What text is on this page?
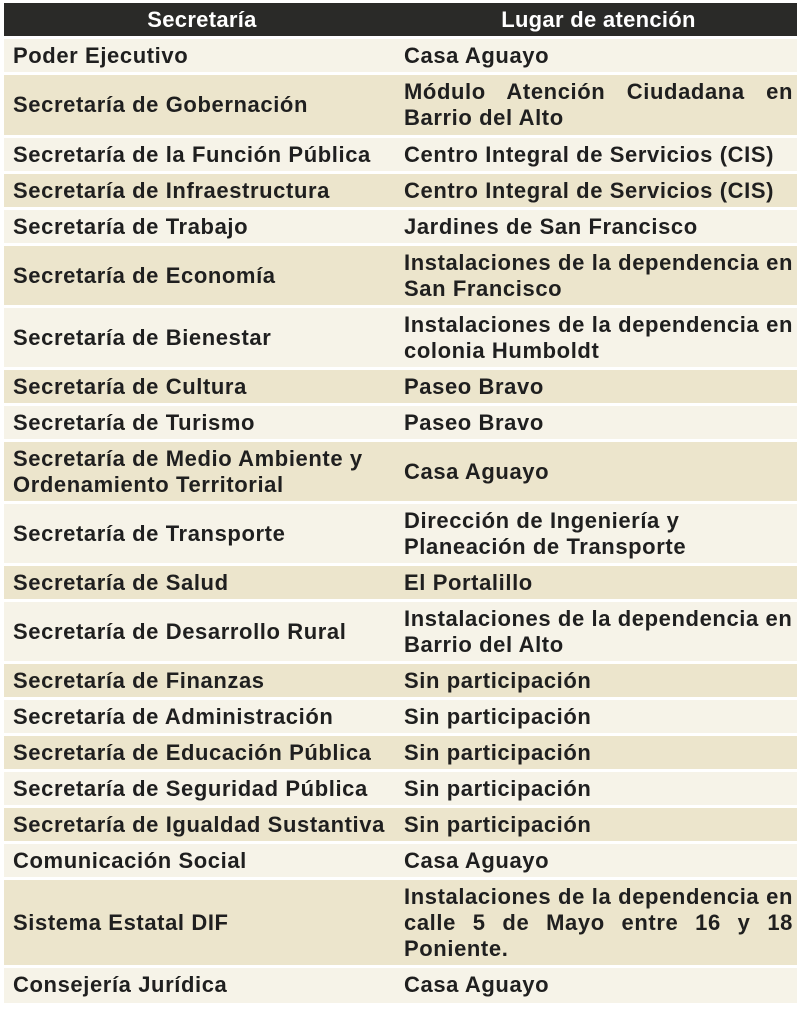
Secretaría	Lugar de atención
Poder Ejecutivo	Casa Aguayo
Secretaría de Gobernación	Módulo Atención Ciudadana en Barrio del Alto
Secretaría de la Función Pública	Centro Integral de Servicios (CIS)
Secretaría de Infraestructura	Centro Integral de Servicios (CIS)
Secretaría de Trabajo	Jardines de San Francisco
Secretaría de Economía	Instalaciones de la dependencia en San Francisco
Secretaría de Bienestar	Instalaciones de la dependencia en colonia Humboldt
Secretaría de Cultura	Paseo Bravo
Secretaría de Turismo	Paseo Bravo
Secretaría de Medio Ambiente y Ordenamiento Territorial	Casa Aguayo
Secretaría de Transporte	Dirección de Ingeniería y Planeación de Transporte
Secretaría de Salud	El Portalillo
Secretaría de Desarrollo Rural	Instalaciones de la dependencia en Barrio del Alto
Secretaría de Finanzas	Sin participación
Secretaría de Administración	Sin participación
Secretaría de Educación Pública	Sin participación
Secretaría de Seguridad Pública	Sin participación
Secretaría de Igualdad Sustantiva	Sin participación
Comunicación Social	Casa Aguayo
Sistema Estatal DIF	Instalaciones de la dependencia en calle 5 de Mayo entre 16 y 18 Poniente.
Consejería Jurídica	Casa Aguayo
